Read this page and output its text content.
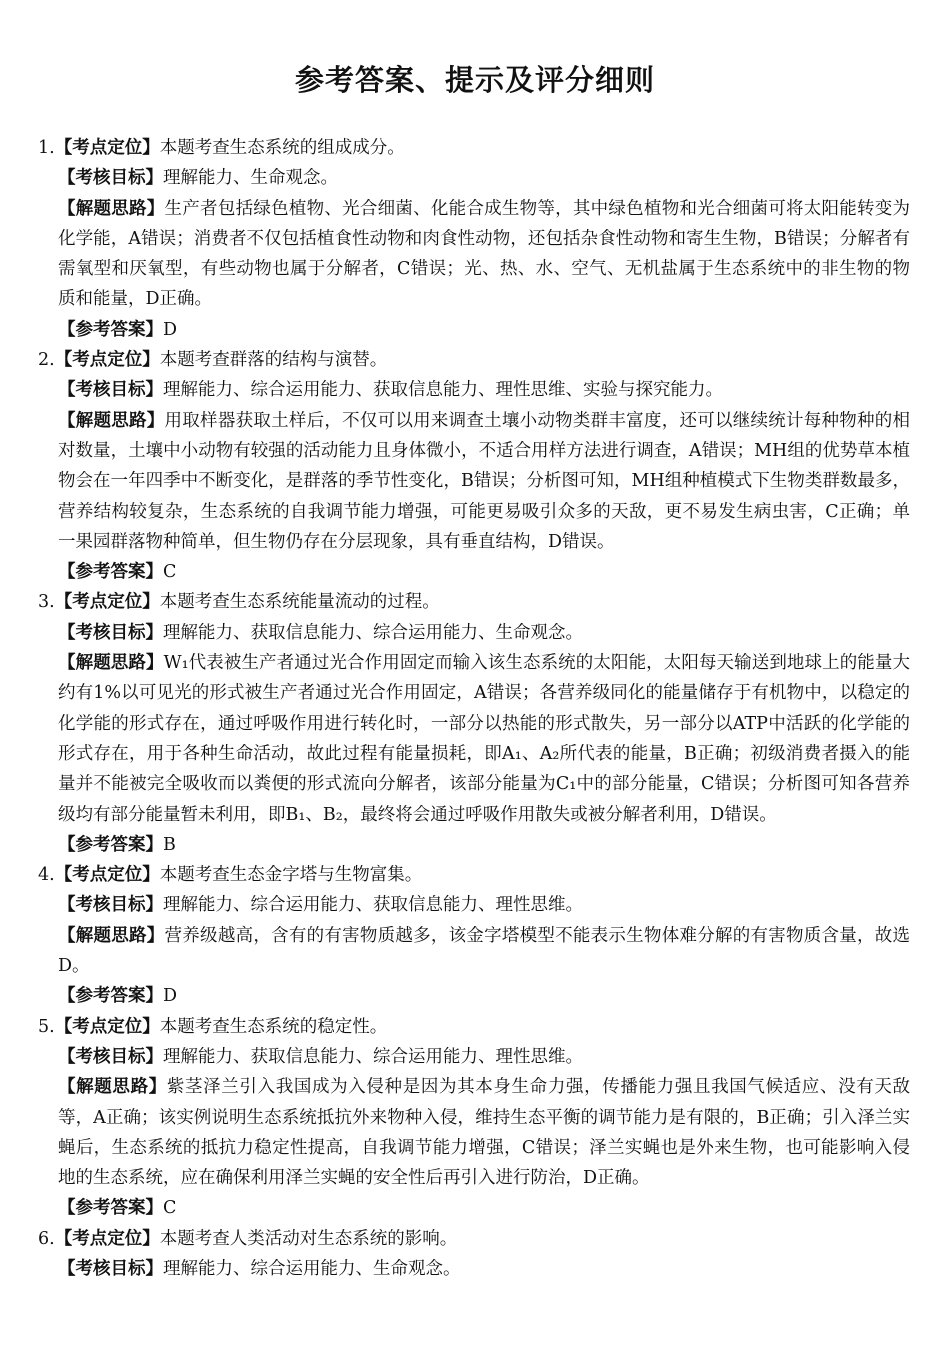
参考答案、提示及评分细则
1.【考点定位】本题考查生态系统的组成成分。
【考核目标】理解能力、生命观念。
【解题思路】生产者包括绿色植物、光合细菌、化能合成生物等，其中绿色植物和光合细菌可将太阳能转变为化学能，A错误；消费者不仅包括植食性动物和肉食性动物，还包括杂食性动物和寄生生物，B错误；分解者有需氧型和厌氧型，有些动物也属于分解者，C错误；光、热、水、空气、无机盐属于生态系统中的非生物的物质和能量，D正确。
【参考答案】D
2.【考点定位】本题考查群落的结构与演替。
【考核目标】理解能力、综合运用能力、获取信息能力、理性思维、实验与探究能力。
【解题思路】用取样器获取土样后，不仅可以用来调查土壤小动物类群丰富度，还可以继续统计每种物种的相对数量，土壤中小动物有较强的活动能力且身体微小，不适合用样方法进行调查，A错误；MH组的优势草本植物会在一年四季中不断变化，是群落的季节性变化，B错误；分析图可知，MH组种植模式下生物类群数最多，营养结构较复杂，生态系统的自我调节能力增强，可能更易吸引众多的天敌，更不易发生病虫害，C正确；单一果园群落物种简单，但生物仍存在分层现象，具有垂直结构，D错误。
【参考答案】C
3.【考点定位】本题考查生态系统能量流动的过程。
【考核目标】理解能力、获取信息能力、综合运用能力、生命观念。
【解题思路】W₁代表被生产者通过光合作用固定而输入该生态系统的太阳能，太阳每天输送到地球上的能量大约有1%以可见光的形式被生产者通过光合作用固定，A错误；各营养级同化的能量储存于有机物中，以稳定的化学能的形式存在，通过呼吸作用进行转化时，一部分以热能的形式散失，另一部分以ATP中活跃的化学能的形式存在，用于各种生命活动，故此过程有能量损耗，即A₁、A₂所代表的能量，B正确；初级消费者摄入的能量并不能被完全吸收而以粪便的形式流向分解者，该部分能量为C₁中的部分能量，C错误；分析图可知各营养级均有部分能量暂未利用，即B₁、B₂，最终将会通过呼吸作用散失或被分解者利用，D错误。
【参考答案】B
4.【考点定位】本题考查生态金字塔与生物富集。
【考核目标】理解能力、综合运用能力、获取信息能力、理性思维。
【解题思路】营养级越高，含有的有害物质越多，该金字塔模型不能表示生物体难分解的有害物质含量，故选D。
【参考答案】D
5.【考点定位】本题考查生态系统的稳定性。
【考核目标】理解能力、获取信息能力、综合运用能力、理性思维。
【解题思路】紫茎泽兰引入我国成为入侵种是因为其本身生命力强，传播能力强且我国气候适应、没有天敌等，A正确；该实例说明生态系统抵抗外来物种入侵，维持生态平衡的调节能力是有限的，B正确；引入泽兰实蝇后，生态系统的抵抗力稳定性提高，自我调节能力增强，C错误；泽兰实蝇也是外来生物，也可能影响入侵地的生态系统，应在确保利用泽兰实蝇的安全性后再引入进行防治，D正确。
【参考答案】C
6.【考点定位】本题考查人类活动对生态系统的影响。
【考核目标】理解能力、综合运用能力、生命观念。
